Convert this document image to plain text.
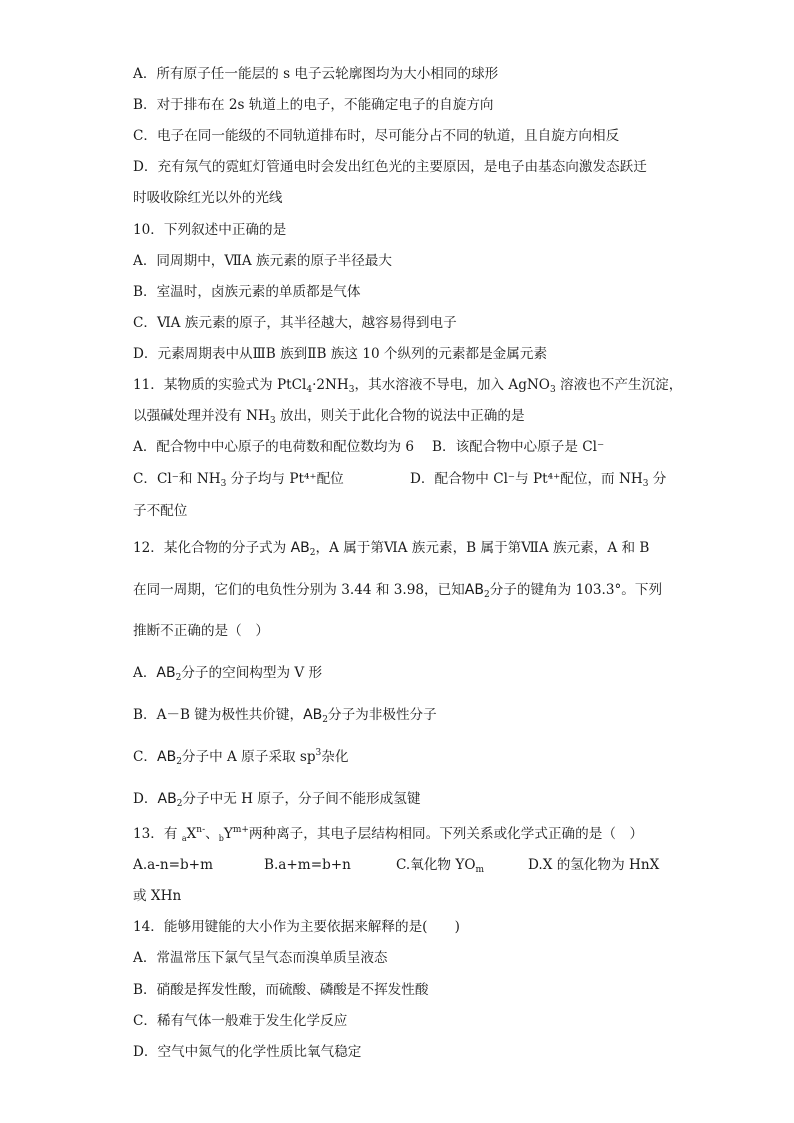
A．所有原子任一能层的 s 电子云轮廓图均为大小相同的球形
B．对于排布在 2s 轨道上的电子，不能确定电子的自旋方向
C．电子在同一能级的不同轨道排布时，尽可能分占不同的轨道，且自旋方向相反
D．充有氖气的霓虹灯管通电时会发出红色光的主要原因，是电子由基态向激发态跃迁
时吸收除红光以外的光线
10．下列叙述中正确的是
A．同周期中，ⅦA 族元素的原子半径最大
B．室温时，卤族元素的单质都是气体
C．ⅥA 族元素的原子，其半径越大，越容易得到电子
D．元素周期表中从ⅢB 族到ⅡB 族这 10 个纵列的元素都是金属元素
11．某物质的实验式为 $PtCl_4\cdot 2NH_3$，其水溶液不导电，加入 AgNO$_3$ 溶液也不产生沉淀，
以强碱处理并没有 $NH_3$ 放出，则关于此化合物的说法中正确的是
A．配合物中中心原子的电荷数和配位数均为 6　 B．该配合物中心原子是 Cl⁻
C．Cl⁻和 $NH_3$ 分子均与 Pt⁴⁺配位	D．配合物中 Cl⁻与 Pt⁴⁺配位，而 $NH_3$ 分
子不配位
12．某化合物的分子式为 $AB_2$，A 属于第ⅥA 族元素，B 属于第ⅦA 族元素，A 和 B
在同一周期，它们的电负性分别为 3.44 和 3.98，已知$AB_2$分子的键角为 103.3°。下列
推断不正确的是（　）
A．$AB_2$分子的空间构型为 V 形
B．A－B 键为极性共价键，$AB_2$分子为非极性分子
C．$AB_2$分子中 A 原子采取 $sp^3$杂化
D．$AB_2$分子中无 H 原子，分子间不能形成氢键
13．有 $_aX^{n-}$、$_bY^{m+}$两种离子，其电子层结构相同。下列关系或化学式正确的是（　）
A.a-n=b+m	B.a+m=b+n	C.氧化物 $YO_m$	D.X 的氢化物为 HnX
或 XHn
14．能够用键能的大小作为主要依据来解释的是(　　)
A．常温常压下氯气呈气态而溴单质呈液态
B．硝酸是挥发性酸，而硫酸、磷酸是不挥发性酸
C．稀有气体一般难于发生化学反应
D．空气中氮气的化学性质比氧气稳定
